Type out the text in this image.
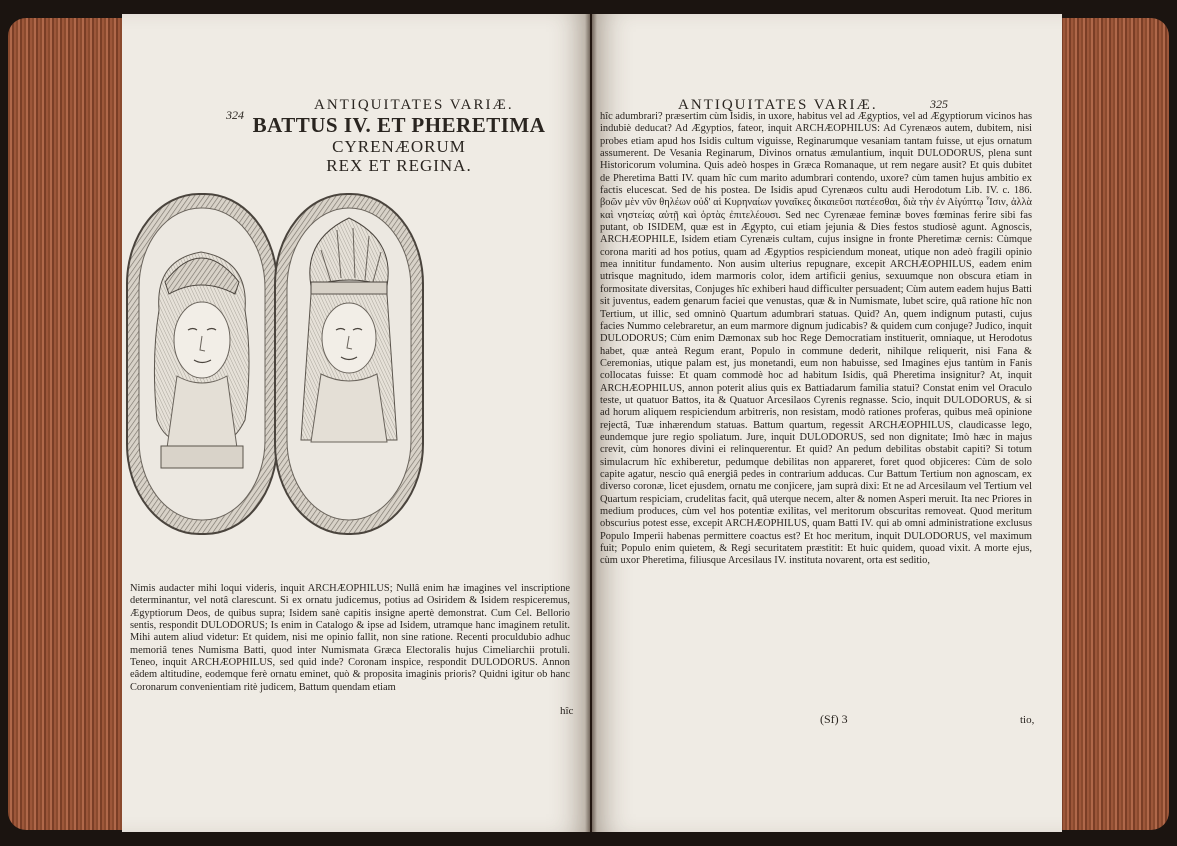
324
ANTIQUITATES VARIÆ.
BATTUS IV. ET PHERETIMA
CYRENÆORUM
REX ET REGINA.

Nimis audacter mihi loqui videris, inquit ARCHÆOPHILUS; Nullâ enim hæ imagines vel inscriptione determinantur, vel notâ clarescunt. Si ex ornatu judicemus, potius ad Osiridem & Isidem respiceremus, Ægyptiorum Deos, de quibus supra; Isidem sanè capitis insigne apertè demonstrat. Cum Cel. Bellorio sentis, respondit DULODORUS; Is enim in Catalogo & ipse ad Isidem, utramque hanc imaginem retulit. Mihi autem aliud videtur: Et quidem, nisi me opinio fallit, non sine ratione. Recenti proculdubio adhuc memoriâ tenes Numisma Batti, quod inter Numismata Græca Electoralis hujus Cimeliarchii protuli. Teneo, inquit ARCHÆOPHILUS, sed quid inde? Coronam inspice, respondit DULODORUS. Annon eâdem altitudine, eodemque ferè ornatu eminet, quò & proposita imaginis prioris? Quidni igitur ob hanc Coronarum convenientiam ritè judicem, Battum quendam etiam

hîc
ANTIQUITATES VARIÆ.	325

hîc adumbrari? præsertim cùm Isidis, in uxore, habitus vel ad Ægyptios, vel ad Ægyptiorum vicinos has indubiè deducat? Ad Ægyptios, fateor, inquit ARCHÆOPHILUS: Ad Cyrenæos autem, dubitem, nisi probes etiam apud hos Isidis cultum viguisse, Reginarumque vesaniam tantam fuisse, ut ejus ornatum assumerent. De Vesania Reginarum, Divinos ornatus æmulantium, inquit DULODORUS, plena sunt Historicorum volumina. Quis adeò hospes in Græca Romanaque, ut rem negare ausit? Et quis dubitet de Pheretima Batti IV. quam hîc cum marito adumbrari contendo, uxore? cùm tamen hujus ambitio ex factis elucescat. Sed de his postea. De Isidis apud Cyrenæos cultu audi Herodotum Lib. IV. c. 186. βοῶν μὲν νῦν θηλέων οὐδ' αἱ Κυρηναίων γυναῖκες δικαιεῦσι πατέεσθαι, διὰ τὴν ἐν Αἰγύπτῳ Ἶσιν, ἀλλὰ καὶ νηστείας αὐτῇ καὶ ὁρτὰς ἐπιτελέουσι. Sed nec Cyrenæae feminæ boves fœminas ferire sibi fas putant, ob ISIDEM, quæ est in Ægypto, cui etiam jejunia & Dies festos studiosè agunt. Agnoscis, ARCHÆOPHILE, Isidem etiam Cyrenæis cultam, cujus insigne in fronte Pheretimæ cernis: Cùmque corona mariti ad hos potius, quam ad Ægyptios respiciendum moneat, utique non adeò fragili opinio mea innititur fundamento. Non ausim ulterius repugnare, excepit ARCHÆOPHILUS, eadem enim utrisque magnitudo, idem marmoris color, idem artificii genius, sexuumque non obscura etiam in formositate diversitas, Conjuges hîc exhiberi haud difficulter persuadent; Cùm autem eadem hujus Batti sit juventus, eadem genarum faciei que venustas, quæ & in Numismate, lubet scire, quâ ratione hîc non Tertium, ut illic, sed omninò Quartum adumbrari statuas. Quid? An, quem indignum putasti, cujus facies Nummo celebraretur, an eum marmore dignum judicabis? & quidem cum conjuge? Judico, inquit DULODORUS; Cùm enim Dæmonax sub hoc Rege Democratiam instituerit, omniaque, ut Herodotus habet, quæ anteà Regum erant, Populo in commune dederit, nihilque reliquerit, nisi Fana & Ceremonias, utique palam est, jus monetandi, eum non habuisse, sed Imagines ejus tantùm in Fanis collocatas fuisse: Et quam commodè hoc ad habitum Isidis, quâ Pheretima insignitur? At, inquit ARCHÆOPHILUS, annon poterit alius quis ex Battiadarum familia statui? Constat enim vel Oraculo teste, ut quatuor Battos, ita & Quatuor Arcesilaos Cyrenis regnasse. Scio, inquit DULODORUS, & si ad horum aliquem respiciendum arbitreris, non resistam, modò rationes proferas, quibus meâ opinione rejectâ, Tuæ inhærendum statuas. Battum quartum, regessit ARCHÆOPHILUS, claudicasse lego, eundemque jure regio spoliatum. Jure, inquit DULODORUS, sed non dignitate; Imò hæc in majus crevit, cùm honores divini ei relinquerentur. Et quid? An pedum debilitas obstabit capiti? Si totum simulacrum hîc exhiberetur, pedumque debilitas non appareret, foret quod objiceres: Cùm de solo capite agatur, nescio quâ energiâ pedes in contrarium adducas. Cur Battum Tertium non agnoscam, ex diverso coronæ, licet ejusdem, ornatu me conjicere, jam suprà dixi: Et ne ad Arcesilaum vel Tertium vel Quartum respiciam, crudelitas facit, quâ uterque necem, alter & nomen Asperi meruit. Ita nec Priores in medium produces, cùm vel hos potentiæ exilitas, vel meritorum obscuritas removeat. Quod meritum obscurius potest esse, excepit ARCHÆOPHILUS, quam Batti IV. qui ab omni administratione exclusus Populo Imperii habenas permittere coactus est? Et hoc meritum, inquit DULODORUS, vel maximum fuit; Populo enim quietem, & Regi securitatem præstitit: Et huic quidem, quoad vixit. A morte ejus, cùm uxor Pheretima, filiusque Arcesilaus IV. instituta novarent, orta est seditio,

(Sf) 3	tio,
